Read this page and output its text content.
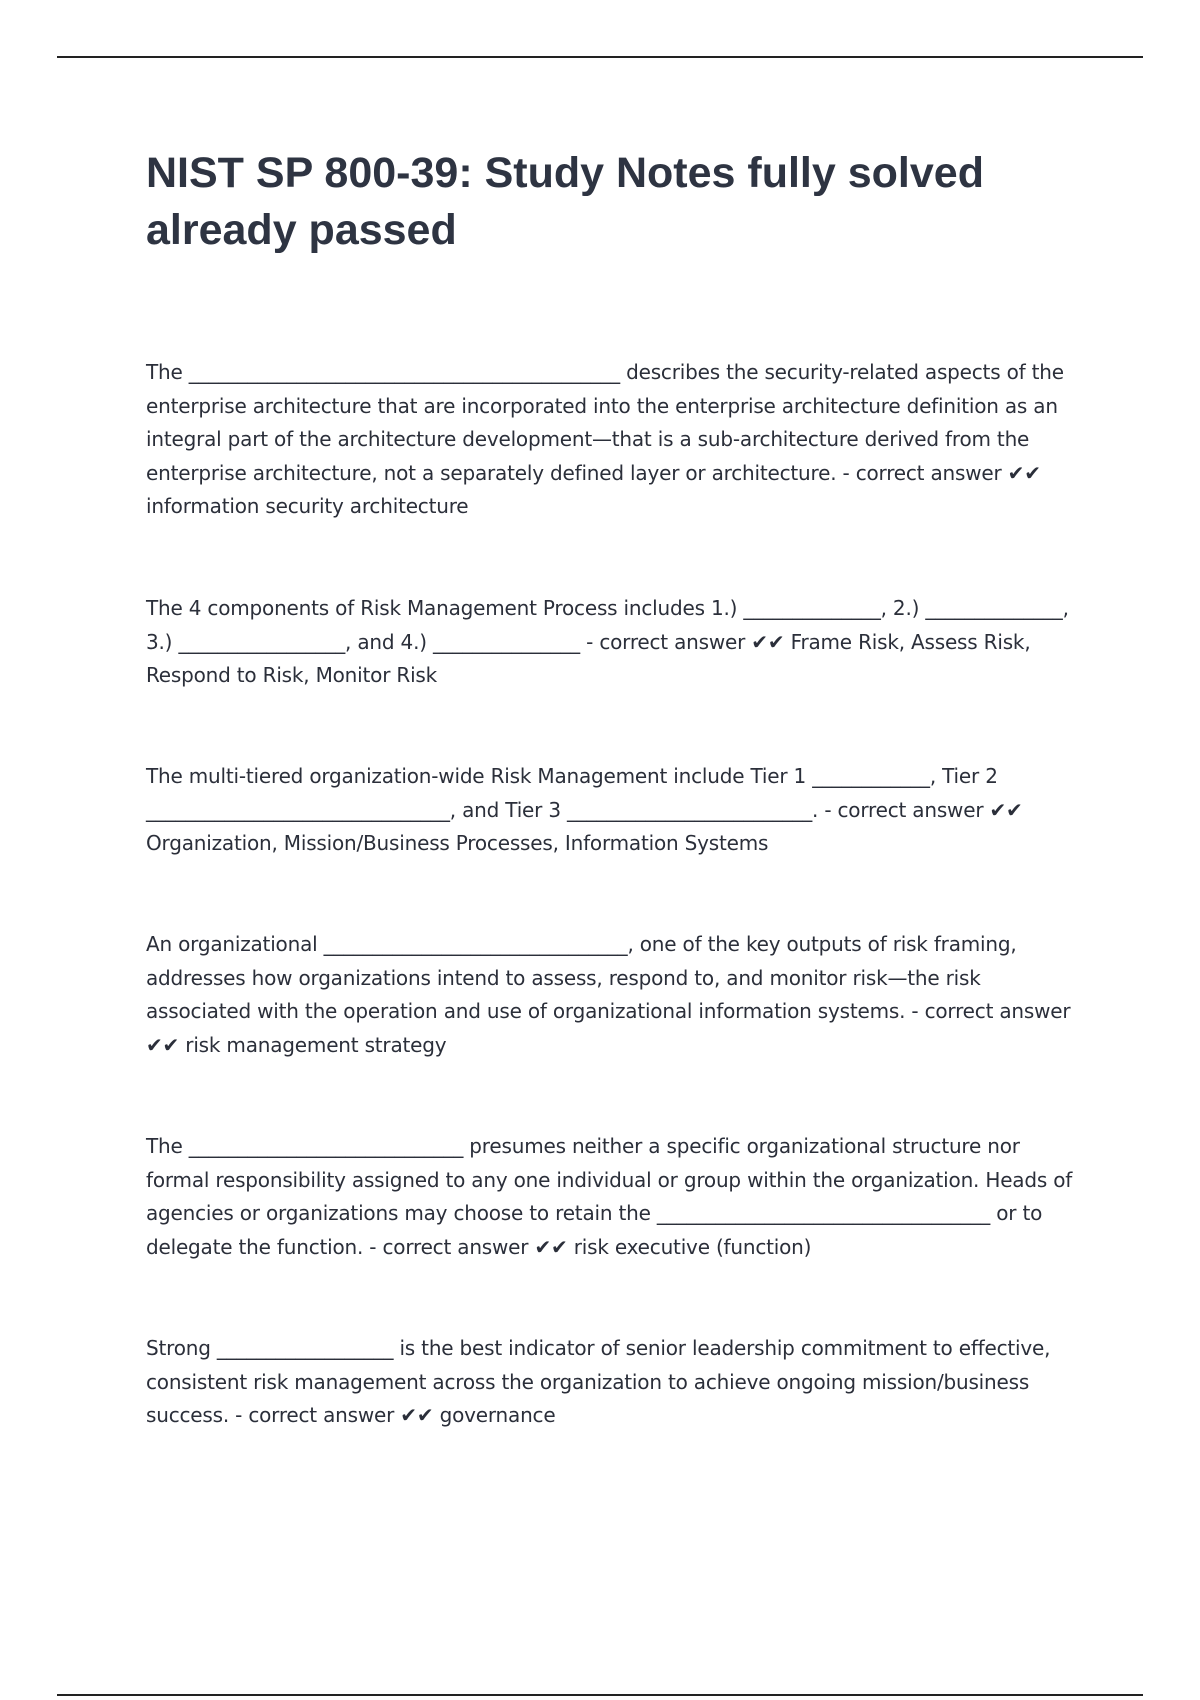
NIST SP 800-39: Study Notes fully solved already passed

The ____________________________________________ describes the security-related aspects of the enterprise architecture that are incorporated into the enterprise architecture definition as an integral part of the architecture development—that is a sub-architecture derived from the enterprise architecture, not a separately defined layer or architecture. - correct answer ✔✔ information security architecture

The 4 components of Risk Management Process includes 1.) ______________, 2.) ______________, 3.) _________________, and 4.) _______________ - correct answer ✔✔ Frame Risk, Assess Risk, Respond to Risk, Monitor Risk

The multi-tiered organization-wide Risk Management include Tier 1 ____________, Tier 2 _______________________________, and Tier 3 _________________________. - correct answer ✔✔ Organization, Mission/Business Processes, Information Systems

An organizational _______________________________, one of the key outputs of risk framing, addresses how organizations intend to assess, respond to, and monitor risk—the risk associated with the operation and use of organizational information systems. - correct answer ✔✔ risk management strategy

The ____________________________ presumes neither a specific organizational structure nor formal responsibility assigned to any one individual or group within the organization. Heads of agencies or organizations may choose to retain the __________________________________ or to delegate the function. - correct answer ✔✔ risk executive (function)

Strong __________________ is the best indicator of senior leadership commitment to effective, consistent risk management across the organization to achieve ongoing mission/business success. - correct answer ✔✔ governance
